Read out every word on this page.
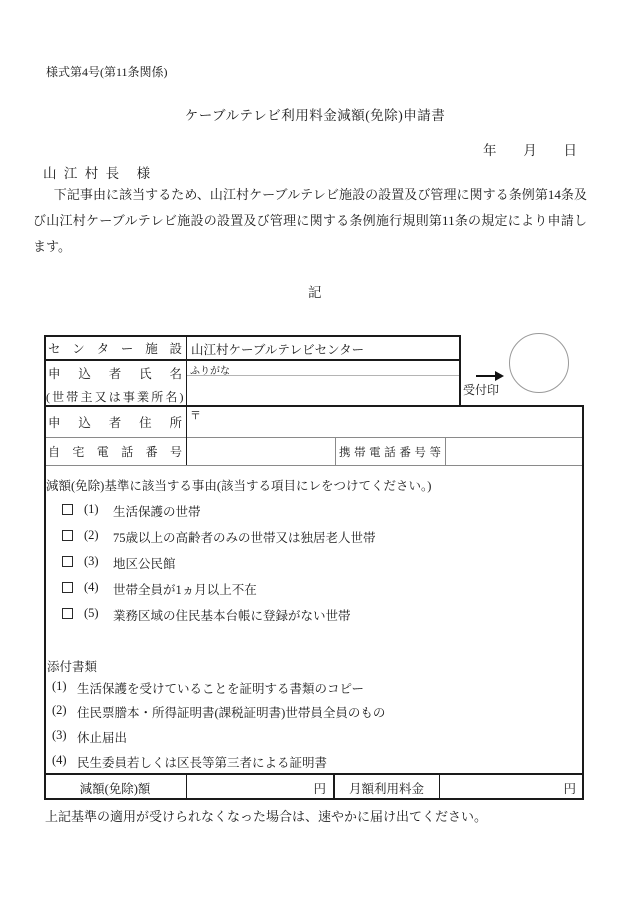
様式第4号(第11条関係)
ケーブルテレビ利用料金減額(免除)申請書
年 月 日
山 江 村 長　様
下記事由に該当するため、山江村ケーブルテレビ施設の設置及び管理に関する条例第14条及び山江村ケーブルテレビ施設の設置及び管理に関する条例施行規則第11条の規定により申請します。
記
受付印
セ ン タ ー 施 設 山江村ケーブルテレビセンター
申 込 者 氏 名
(世帯主又は事業所名)
ふりがな
申 込 者 住 所 〒
自 宅 電 話 番 号	携 帯 電 話 番 号 等
減額(免除)基準に該当する事由(該当する項目にレをつけてください。)
(1)	生活保護の世帯
(2)	75歳以上の高齢者のみの世帯又は独居老人世帯
(3)	地区公民館
(4)	世帯全員が1ヵ月以上不在
(5)	業務区域の住民基本台帳に登録がない世帯
添付書類
(1) 生活保護を受けていることを証明する書類のコピー
(2) 住民票謄本・所得証明書(課税証明書)世帯員全員のもの
(3) 休止届出
(4) 民生委員若しくは区長等第三者による証明書
減額(免除)額	円	月額利用料金	円
上記基準の適用が受けられなくなった場合は、速やかに届け出てください。
